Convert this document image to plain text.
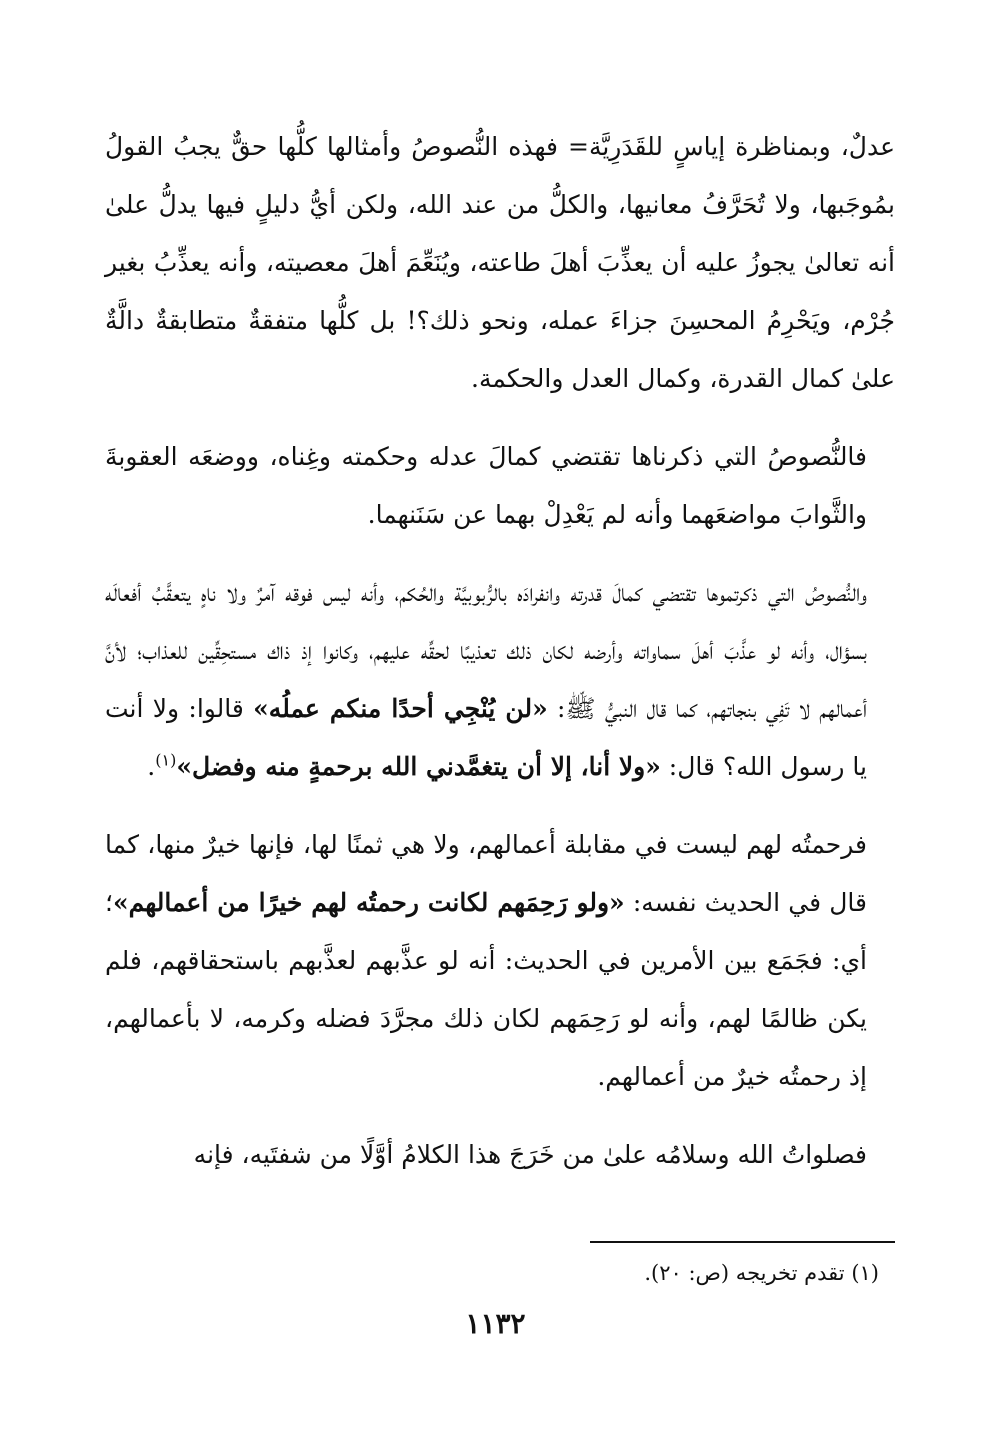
عدلٌ، وبمناظرة إياسٍ للقَدَرِيَّة= فهذه النُّصوصُ وأمثالها كلُّها حقٌّ يجبُ القولُ بمُوجَبها، ولا تُحَرَّفُ معانيها، والكلُّ من عند الله، ولكن أيُّ دليلٍ فيها يدلُّ علىٰ أنه تعالىٰ يجوزُ عليه أن يعذِّبَ أهلَ طاعته، ويُنَعِّمَ أهلَ معصيته، وأنه يعذِّبُ بغير جُرْم، ويَحْرِمُ المحسِنَ جزاءَ عمله، ونحو ذلك؟! بل كلُّها متفقةٌ متطابقةٌ دالَّةٌ علىٰ كمال القدرة، وكمال العدل والحكمة.

فالنُّصوصُ التي ذكرناها تقتضي كمالَ عدله وحكمته وغِناه، ووضعَه العقوبةَ والثَّوابَ مواضعَهما وأنه لم يَعْدِلْ بهما عن سَنَنهما.

والنُّصوصُ التي ذكرتموها تقتضي كمالَ قدرته وانفرادَه بالرُّبوبيَّة والحُكم، وأنه ليس فوقه آمرٌ ولا ناهٍ يتعقَّبُ أفعالَه بسؤال، وأنه لو عذَّبَ أهلَ سماواته وأرضه لكان ذلك تعذيبًا لحقِّه عليهم، وكانوا إذ ذاك مستحِقِّين للعذاب؛ لأنَّ أعمالهم لا تَفِي بنجاتهم، كما قال النبيُّ ﷺ: «لن يُنْجِي أحدًا منكم عملُه» قالوا: ولا أنت يا رسول الله؟ قال: «ولا أنا، إلا أن يتغمَّدني الله برحمةٍ منه وفضل»$^{(١)}$.

فرحمتُه لهم ليست في مقابلة أعمالهم، ولا هي ثمنًا لها، فإنها خيرٌ منها، كما قال في الحديث نفسه: «ولو رَحِمَهم لكانت رحمتُه لهم خيرًا من أعمالهم»؛ أي: فجَمَع بين الأمرين في الحديث: أنه لو عذَّبهم لعذَّبهم باستحقاقهم، فلم يكن ظالمًا لهم، وأنه لو رَحِمَهم لكان ذلك مجرَّدَ فضله وكرمه، لا بأعمالهم، إذ رحمتُه خيرٌ من أعمالهم.

فصلواتُ الله وسلامُه علىٰ من خَرَجَ هذا الكلامُ أوَّلًا من شفتَيه، فإنه

(١) تقدم تخريجه (ص: ٢٠).
١١٣٢
